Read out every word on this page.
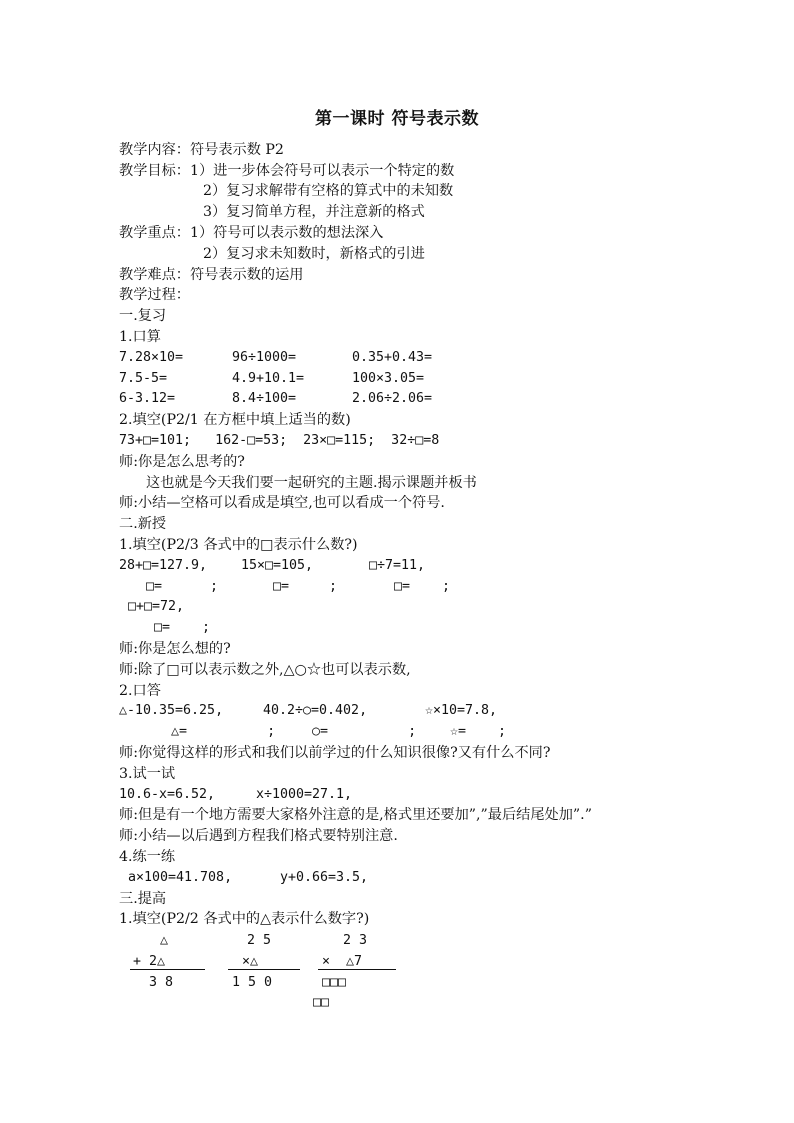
第一课时 符号表示数
教学内容：符号表示数 P2
教学目标：1）进一步体会符号可以表示一个特定的数
2）复习求解带有空格的算式中的未知数
3）复习简单方程，并注意新的格式
教学重点：1）符号可以表示数的想法深入
2）复习求未知数时，新格式的引进
教学难点：符号表示数的运用
教学过程：
一.复习
1.口算
7.28×10=	96÷1000=	0.35+0.43=
7.5-5=	4.9+10.1=	100×3.05=
6-3.12=	8.4÷100=	2.06÷2.06=
2.填空(P2/1 在方框中填上适当的数)
73+□=101;   162-□=53;  23×□=115;  32÷□=8
师:你是怎么思考的?
这也就是今天我们要一起研究的主题.揭示课题并板书
师:小结—空格可以看成是填空,也可以看成一个符号.
二.新授
1.填空(P2/3 各式中的□表示什么数?)
28+□=127.9,	15×□=105,	□÷7=11,
□=      ;	□=     ;	□=    ;
□+□=72,
□=    ;
师:你是怎么想的?
师:除了□可以表示数之外,△○☆也可以表示数,
2.口答
△-10.35=6.25,	40.2÷○=0.402,	☆×10=7.8,
△=          ;	○=          ;	☆=    ;
师:你觉得这样的形式和我们以前学过的什么知识很像?又有什么不同?
3.试一试
10.6-x=6.52,	x÷1000=27.1,
师:但是有一个地方需要大家格外注意的是,格式里还要加”,”最后结尾处加”.”
师:小结—以后遇到方程我们格式要特别注意.
4.练一练
a×100=41.708,	y+0.66=3.5,
三.提高
1.填空(P2/2 各式中的△表示什么数字?)
△
+ 2△
3 8
2 5
×△
1 5 0
2 3
×  △7
□□□
□□
